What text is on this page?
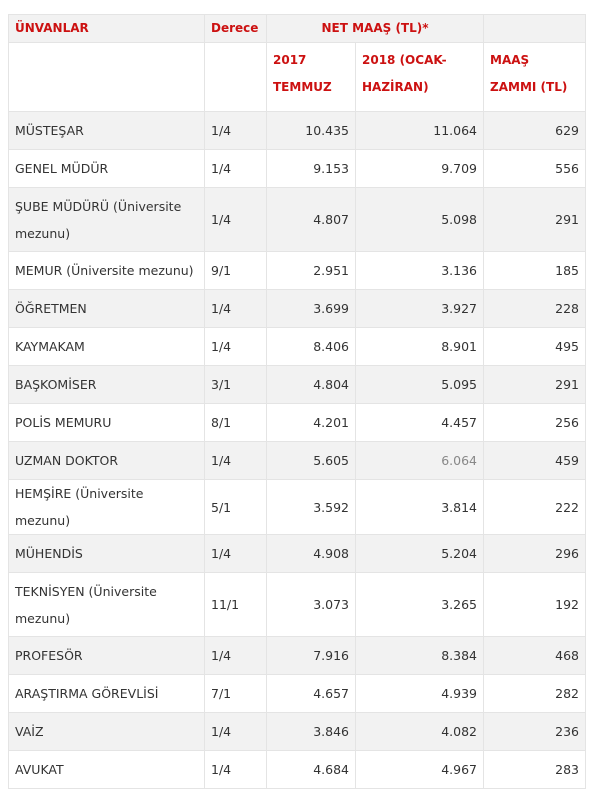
ÜNVANLAR	Derece	NET MAAŞ (TL)*		
		2017 TEMMUZ	2018 (OCAK-HAZİRAN)	MAAŞ ZAMMI (TL)
MÜSTEŞAR	1/4	10.435	11.064	629
GENEL MÜDÜR	1/4	9.153	9.709	556
ŞUBE MÜDÜRÜ (Üniversite mezunu)	1/4	4.807	5.098	291
MEMUR (Üniversite mezunu)	9/1	2.951	3.136	185
ÖĞRETMEN	1/4	3.699	3.927	228
KAYMAKAM	1/4	8.406	8.901	495
BAŞKOMİSER	3/1	4.804	5.095	291
POLİS MEMURU	8/1	4.201	4.457	256
UZMAN DOKTOR	1/4	5.605	6.064	459
HEMŞİRE (Üniversite mezunu)	5/1	3.592	3.814	222
MÜHENDİS	1/4	4.908	5.204	296
TEKNİSYEN (Üniversite mezunu)	11/1	3.073	3.265	192
PROFESÖR	1/4	7.916	8.384	468
ARAŞTIRMA GÖREVLİSİ	7/1	4.657	4.939	282
VAİZ	1/4	3.846	4.082	236
AVUKAT	1/4	4.684	4.967	283
